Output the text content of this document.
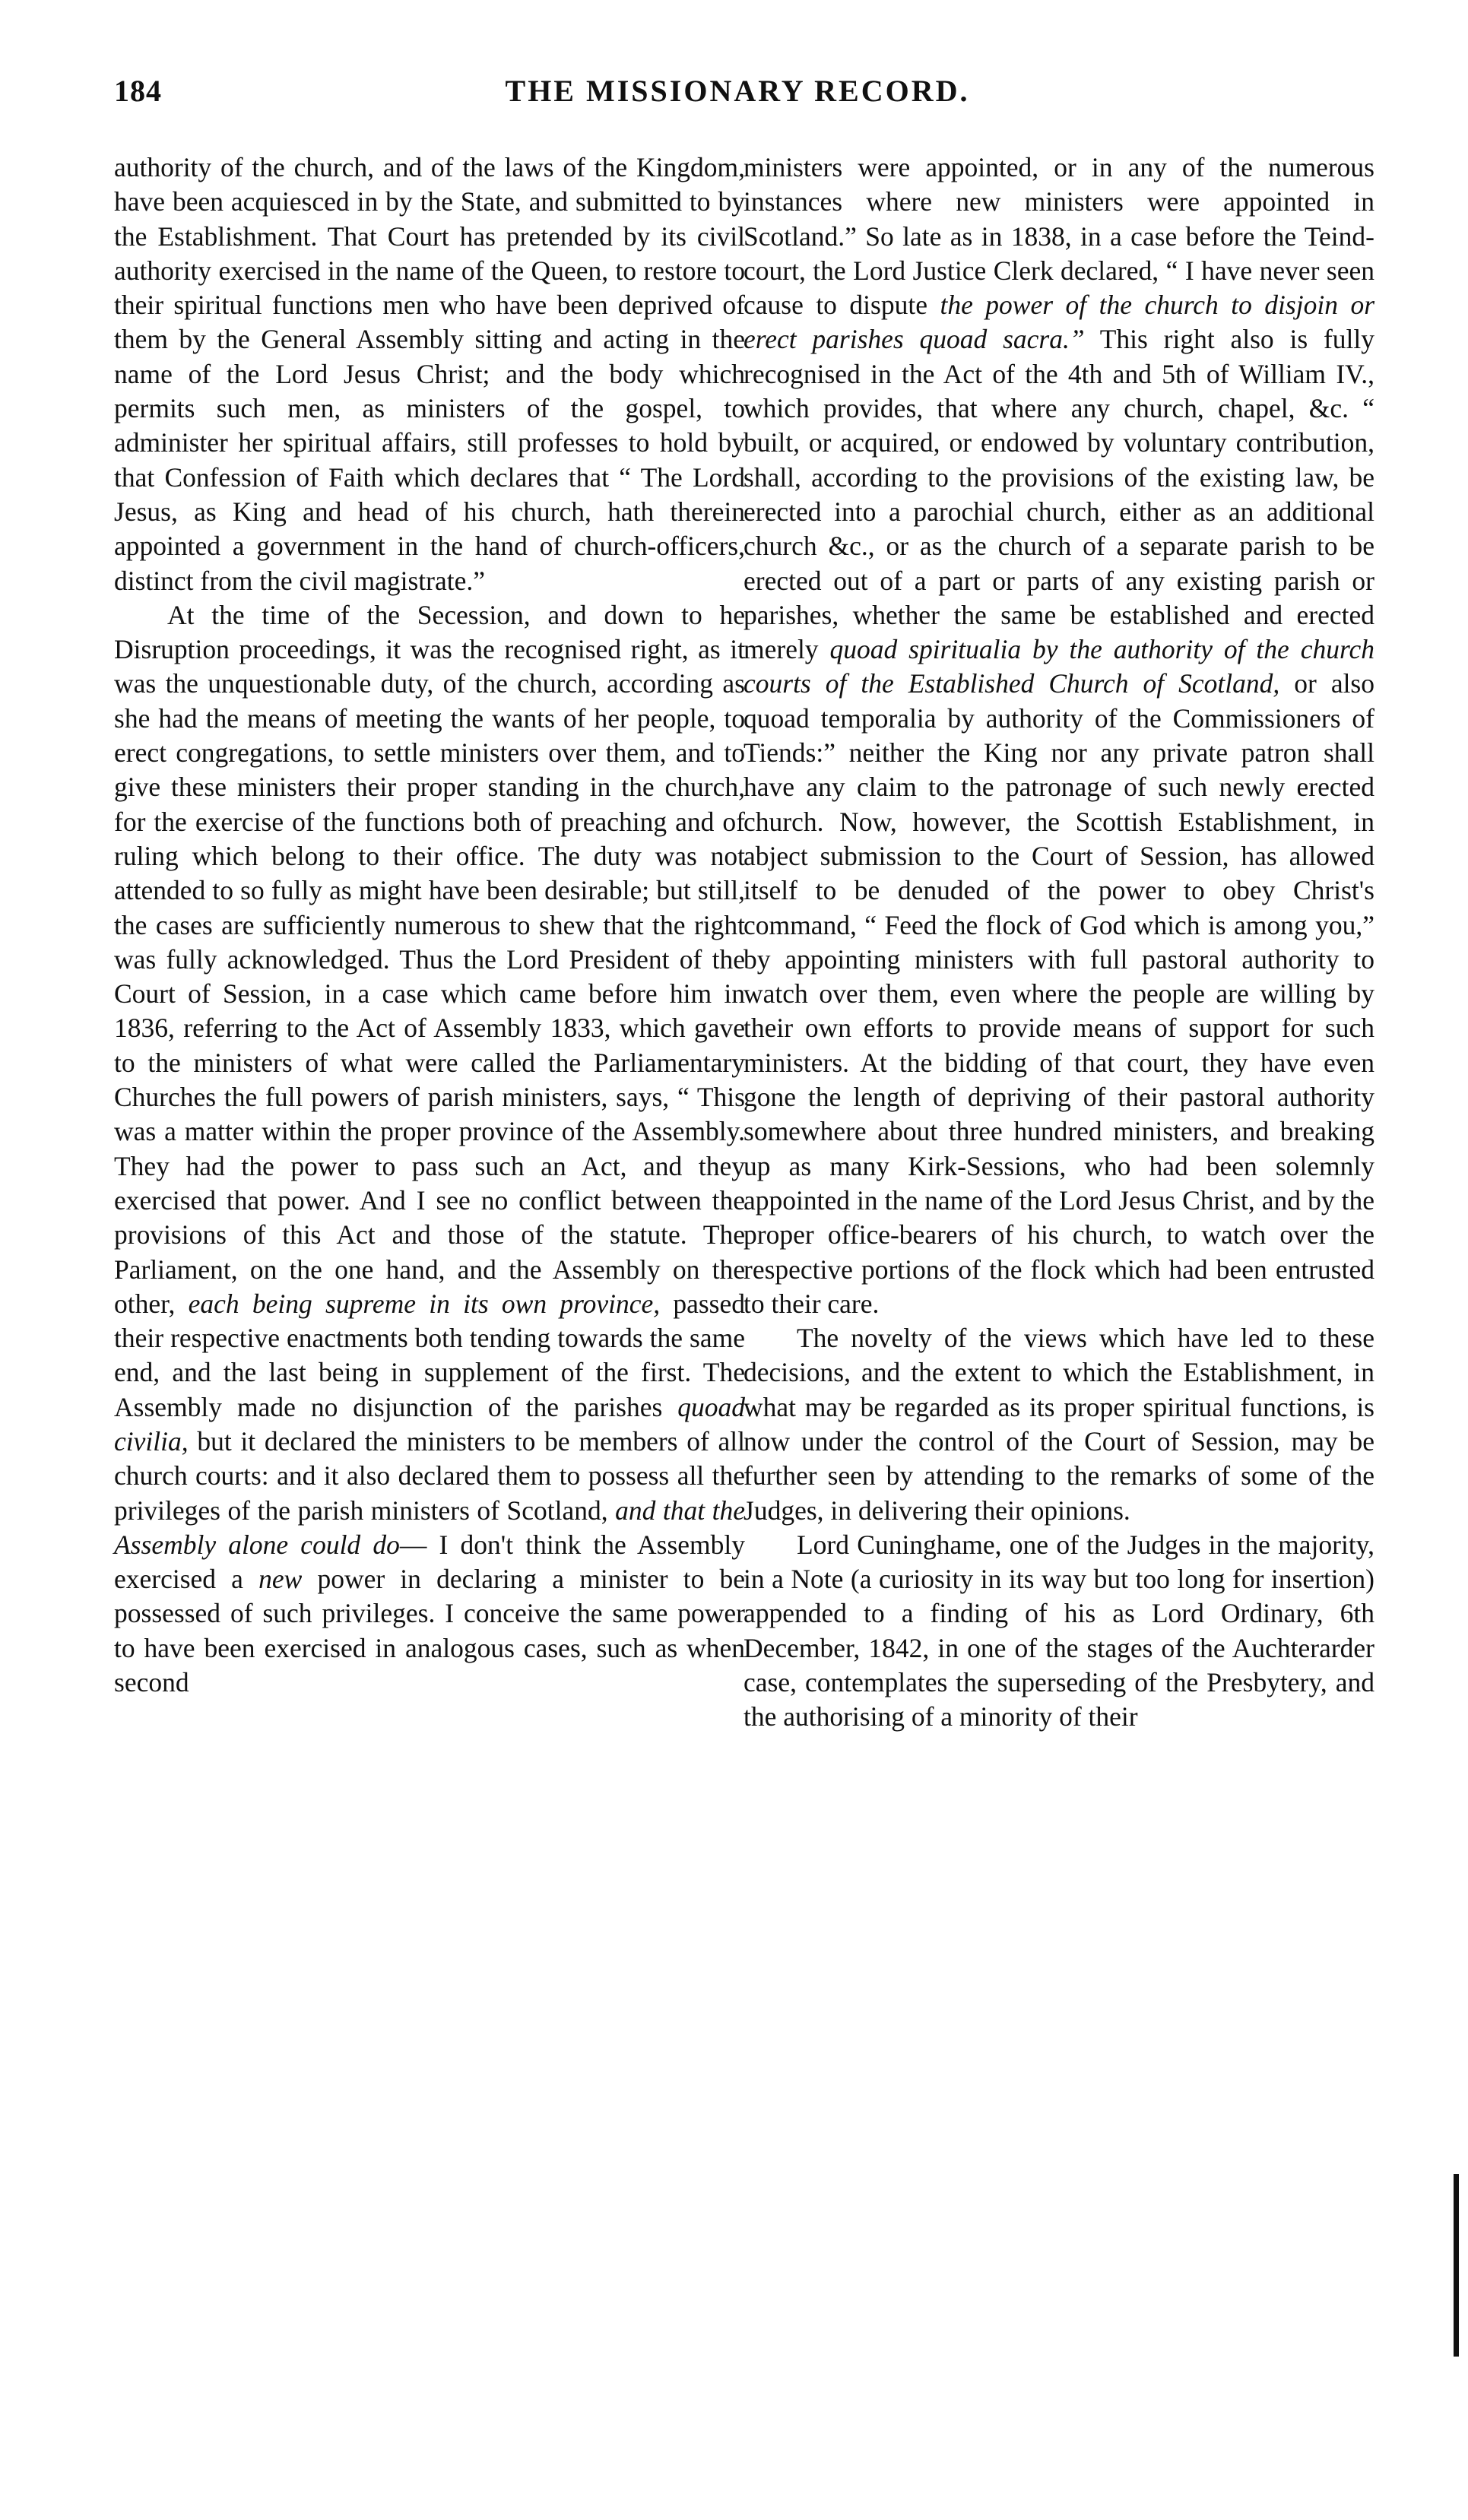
184	THE MISSIONARY RECORD.

authority of the church, and of the laws of the Kingdom, have been acquiesced in by the State, and submitted to by the Establishment. That Court has pretended by its civil authority exercised in the name of the Queen, to restore to their spiritual functions men who have been deprived of them by the General Assembly sitting and acting in the name of the Lord Jesus Christ; and the body which permits such men, as ministers of the gospel, to administer her spiritual affairs, still professes to hold by that Confession of Faith which declares that “ The Lord Jesus, as King and head of his church, hath therein appointed a government in the hand of church-officers, distinct from the civil magistrate.”

At the time of the Secession, and down to he Disruption proceedings, it was the recognised right, as it was the unquestionable duty, of the church, according as she had the means of meeting the wants of her people, to erect congregations, to settle ministers over them, and to give these ministers their proper standing in the church, for the exercise of the functions both of preaching and of ruling which belong to their office. The duty was not attended to so fully as might have been desirable; but still, the cases are sufficiently numerous to shew that the right was fully acknowledged. Thus the Lord President of the Court of Session, in a case which came before him in 1836, referring to the Act of Assembly 1833, which gave to the ministers of what were called the Parliamentary Churches the full powers of parish ministers, says, “ This was a matter within the proper province of the Assembly. They had the power to pass such an Act, and they exercised that power. And I see no conflict between the provisions of this Act and those of the statute. The Parliament, on the one hand, and the Assembly on the other, each being supreme in its own province, passed their respective enactments both tending towards the same end, and the last being in supplement of the first. The Assembly made no disjunction of the parishes quoad civilia, but it declared the ministers to be members of all church courts: and it also declared them to possess all the privileges of the parish ministers of Scotland, and that the Assembly alone could do— I don't think the Assembly exercised a new power in declaring a minister to be possessed of such privileges. I conceive the same power to have been exercised in analogous cases, such as when second

ministers were appointed, or in any of the numerous instances where new ministers were appointed in Scotland.” So late as in 1838, in a case before the Teind-court, the Lord Justice Clerk declared, “ I have never seen cause to dispute the power of the church to disjoin or erect parishes quoad sacra.” This right also is fully recognised in the Act of the 4th and 5th of William IV., which provides, that where any church, chapel, &c. “ built, or acquired, or endowed by voluntary contribution, shall, according to the provisions of the existing law, be erected into a parochial church, either as an additional church &c., or as the church of a separate parish to be erected out of a part or parts of any existing parish or parishes, whether the same be established and erected merely quoad spiritualia by the authority of the church courts of the Established Church of Scotland, or also quoad temporalia by authority of the Commissioners of Tiends:” neither the King nor any private patron shall have any claim to the patronage of such newly erected church. Now, however, the Scottish Establishment, in abject submission to the Court of Session, has allowed itself to be denuded of the power to obey Christ's command, “ Feed the flock of God which is among you,” by appointing ministers with full pastoral authority to watch over them, even where the people are willing by their own efforts to provide means of support for such ministers. At the bidding of that court, they have even gone the length of depriving of their pastoral authority somewhere about three hundred ministers, and breaking up as many Kirk-Sessions, who had been solemnly appointed in the name of the Lord Jesus Christ, and by the proper office-bearers of his church, to watch over the respective portions of the flock which had been entrusted to their care.

The novelty of the views which have led to these decisions, and the extent to which the Establishment, in what may be regarded as its proper spiritual functions, is now under the control of the Court of Session, may be further seen by attending to the remarks of some of the Judges, in delivering their opinions.

Lord Cuninghame, one of the Judges in the majority, in a Note (a curiosity in its way but too long for insertion) appended to a finding of his as Lord Ordinary, 6th December, 1842, in one of the stages of the Auchterarder case, contemplates the superseding of the Presbytery, and the authorising of a minority of their
